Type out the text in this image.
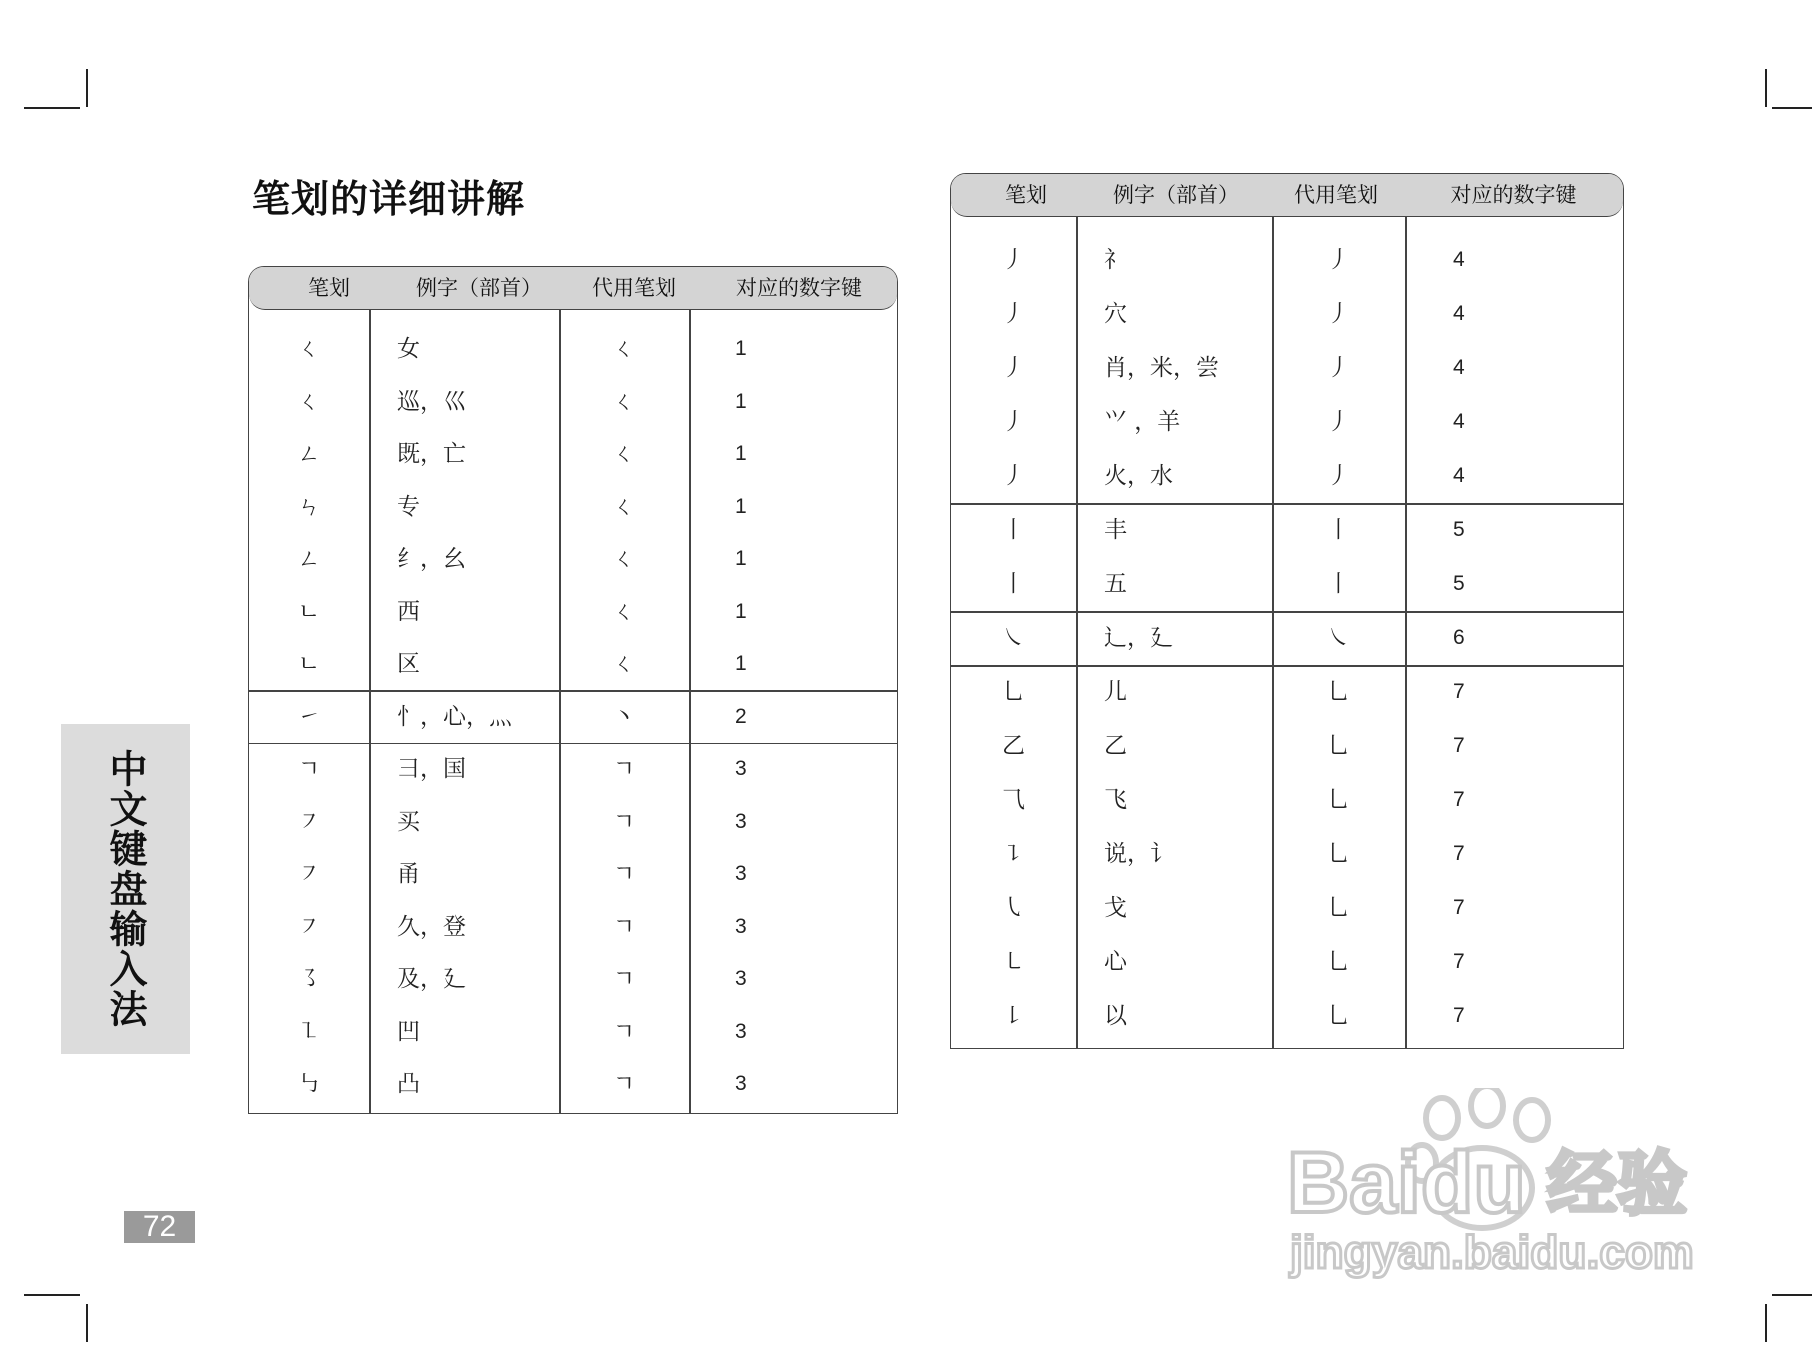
笔划的详细讲解
中文键盘输入法
72
笔划	例字（部首）	代用笔划	对应的数字键
ㄑ	女	ㄑ	1
ㄑ	巡，巛	ㄑ	1
ㄥ	既，亡	ㄑ	1
ㄣ	专	ㄑ	1
ㄥ	纟，幺	ㄑ	1
ㄴ	西	ㄑ	1
ㄴ	区	ㄑ	1
㇀	忄，心，灬	丶	2
ㄱ	彐，国	ㄱ	3
㇇	买	ㄱ	3
㇇	甬	ㄱ	3
㇇	久，登	ㄱ	3
㇌	及，廴	ㄱ	3
㇅	凹	ㄱ	3
㇉	凸	ㄱ	3
笔划	例字（部首）	代用笔划	对应的数字键
丿	礻	丿	4
丿	穴	丿	4
丿	肖，米，尝	丿	4
丿	⺍ ，羊	丿	4
丿	火，水	丿	4
丨	丰	丨	5
丨	五	丨	5
㇏	辶，廴	㇏	6
乚	儿	乚	7
乙	乙	乚	7
⺄	飞	乚	7
㇊	说，讠	乚	7
㇂	戈	乚	7
㇄	心	乚	7
㇙	以	乚	7
Baidu 经验
jingyan.baidu.com
